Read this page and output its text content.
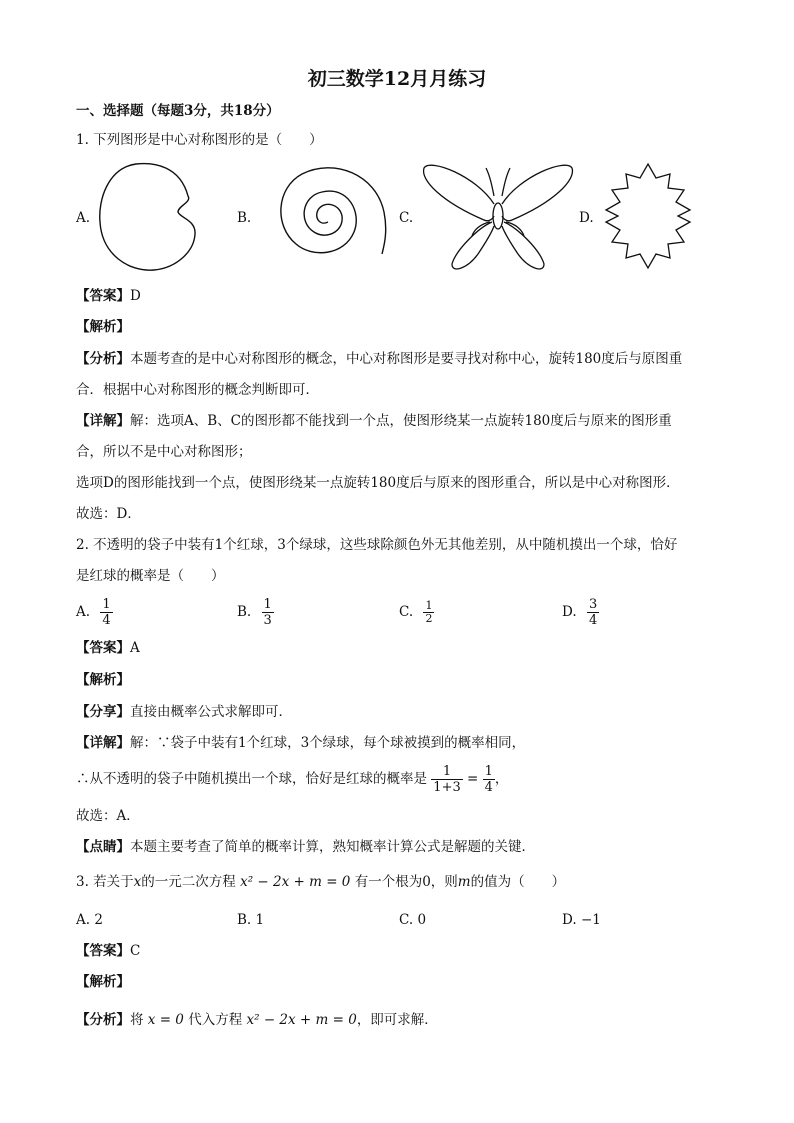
初三数学12月月练习
一、选择题（每题3分，共18分）
1. 下列图形是中心对称图形的是（　　）
A.	B.	C.	D.
【答案】D
【解析】
【分析】本题考查的是中心对称图形的概念，中心对称图形是要寻找对称中心，旋转180度后与原图重
合．根据中心对称图形的概念判断即可．
【详解】解：选项A、B、C的图形都不能找到一个点，使图形绕某一点旋转180度后与原来的图形重
合，所以不是中心对称图形；
选项D的图形能找到一个点，使图形绕某一点旋转180度后与原来的图形重合，所以是中心对称图形．
故选：D．
2. 不透明的袋子中装有1个红球，3个绿球，这些球除颜色外无其他差别，从中随机摸出一个球，恰好
是红球的概率是（　　）
A. $\frac{1}{4}$	B. $\frac{1}{3}$	C. $\frac{1}{2}$	D. $\frac{3}{4}$
【答案】A
【解析】
【分享】直接由概率公式求解即可．
【详解】解：∵袋子中装有1个红球，3个绿球，每个球被摸到的概率相同，
∴从不透明的袋子中随机摸出一个球，恰好是红球的概率是 $\frac{1}{1+3} = \frac{1}{4}$ ，
故选：A．
【点睛】本题主要考查了简单的概率计算，熟知概率计算公式是解题的关键．
3. 若关于x的一元二次方程 x² − 2x + m = 0 有一个根为0，则m的值为（　　）
A. 2	B. 1	C. 0	D. −1
【答案】C
【解析】
【分析】将 x = 0 代入方程 x² − 2x + m = 0，即可求解．
